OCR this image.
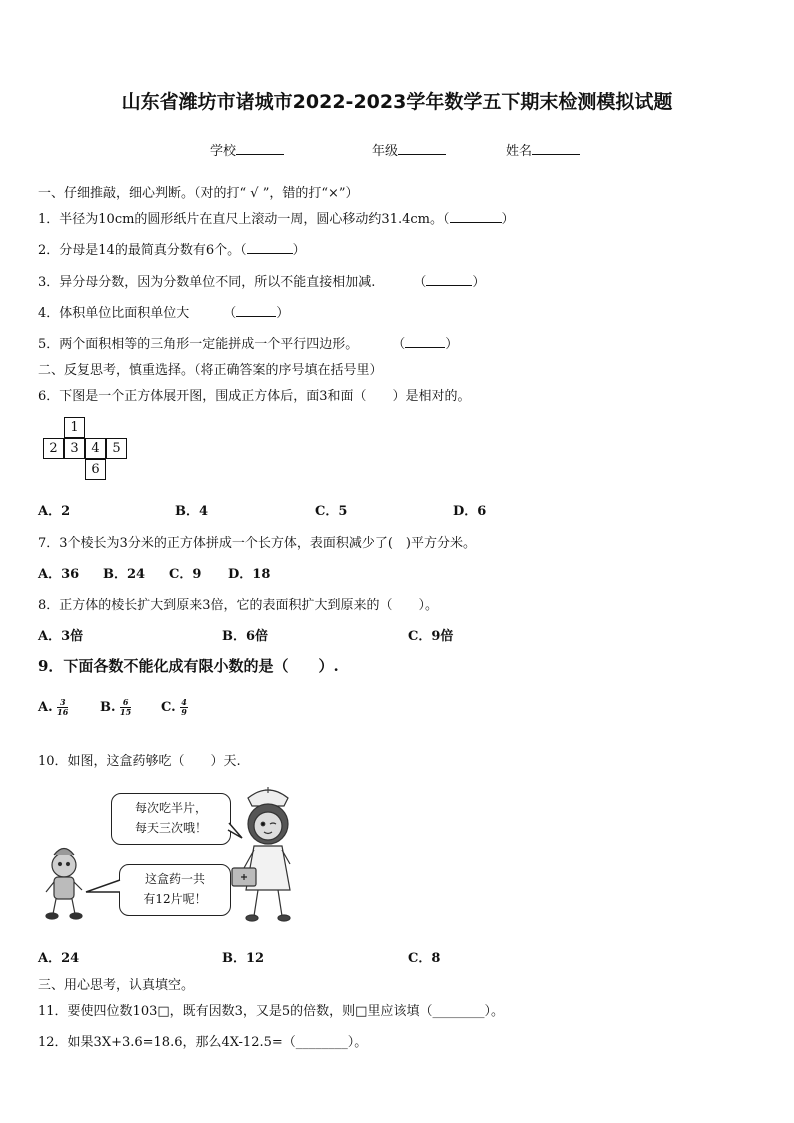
山东省潍坊市诸城市2022-2023学年数学五下期末检测模拟试题
学校	年级	姓名
一、仔细推敲，细心判断。（对的打“ √ ”，错的打“×”）
1．半径为10cm的圆形纸片在直尺上滚动一周，圆心移动约31.4cm。（	）
2．分母是14的最简真分数有6个。（	）
3．异分母分数，因为分数单位不同，所以不能直接相加减.	（	）
4．体积单位比面积单位大	（	）
5．两个面积相等的三角形一定能拼成一个平行四边形。	（	）
二、反复思考，慎重选择。（将正确答案的序号填在括号里）
6．下图是一个正方体展开图，围成正方体后，面3和面（　　）是相对的。
1
2 3 4 5
6
A．2	B．4	C．5	D．6
7．3个棱长为3分米的正方体拼成一个长方体，表面积减少了(　)平方分米。
A．36 B．24 C．9 D．18
8．正方体的棱长扩大到原来3倍，它的表面积扩大到原来的（　　）。
A．3倍	B．6倍	C．9倍
9．下面各数不能化成有限小数的是（　　）.
A. $\frac{3}{16} B$. $\frac{6}{15} C$. $\frac{4}{9}$
10．如图，这盒药够吃（　　）天.
每次吃半片，
每天三次哦！
这盒药一共
有12片呢！
A．24	B．12	C．8
三、用心思考，认真填空。
11．要使四位数103□，既有因数3，又是5的倍数，则□里应该填（________）。
12．如果3X+3.6=18.6，那么4X-12.5=（________）。
